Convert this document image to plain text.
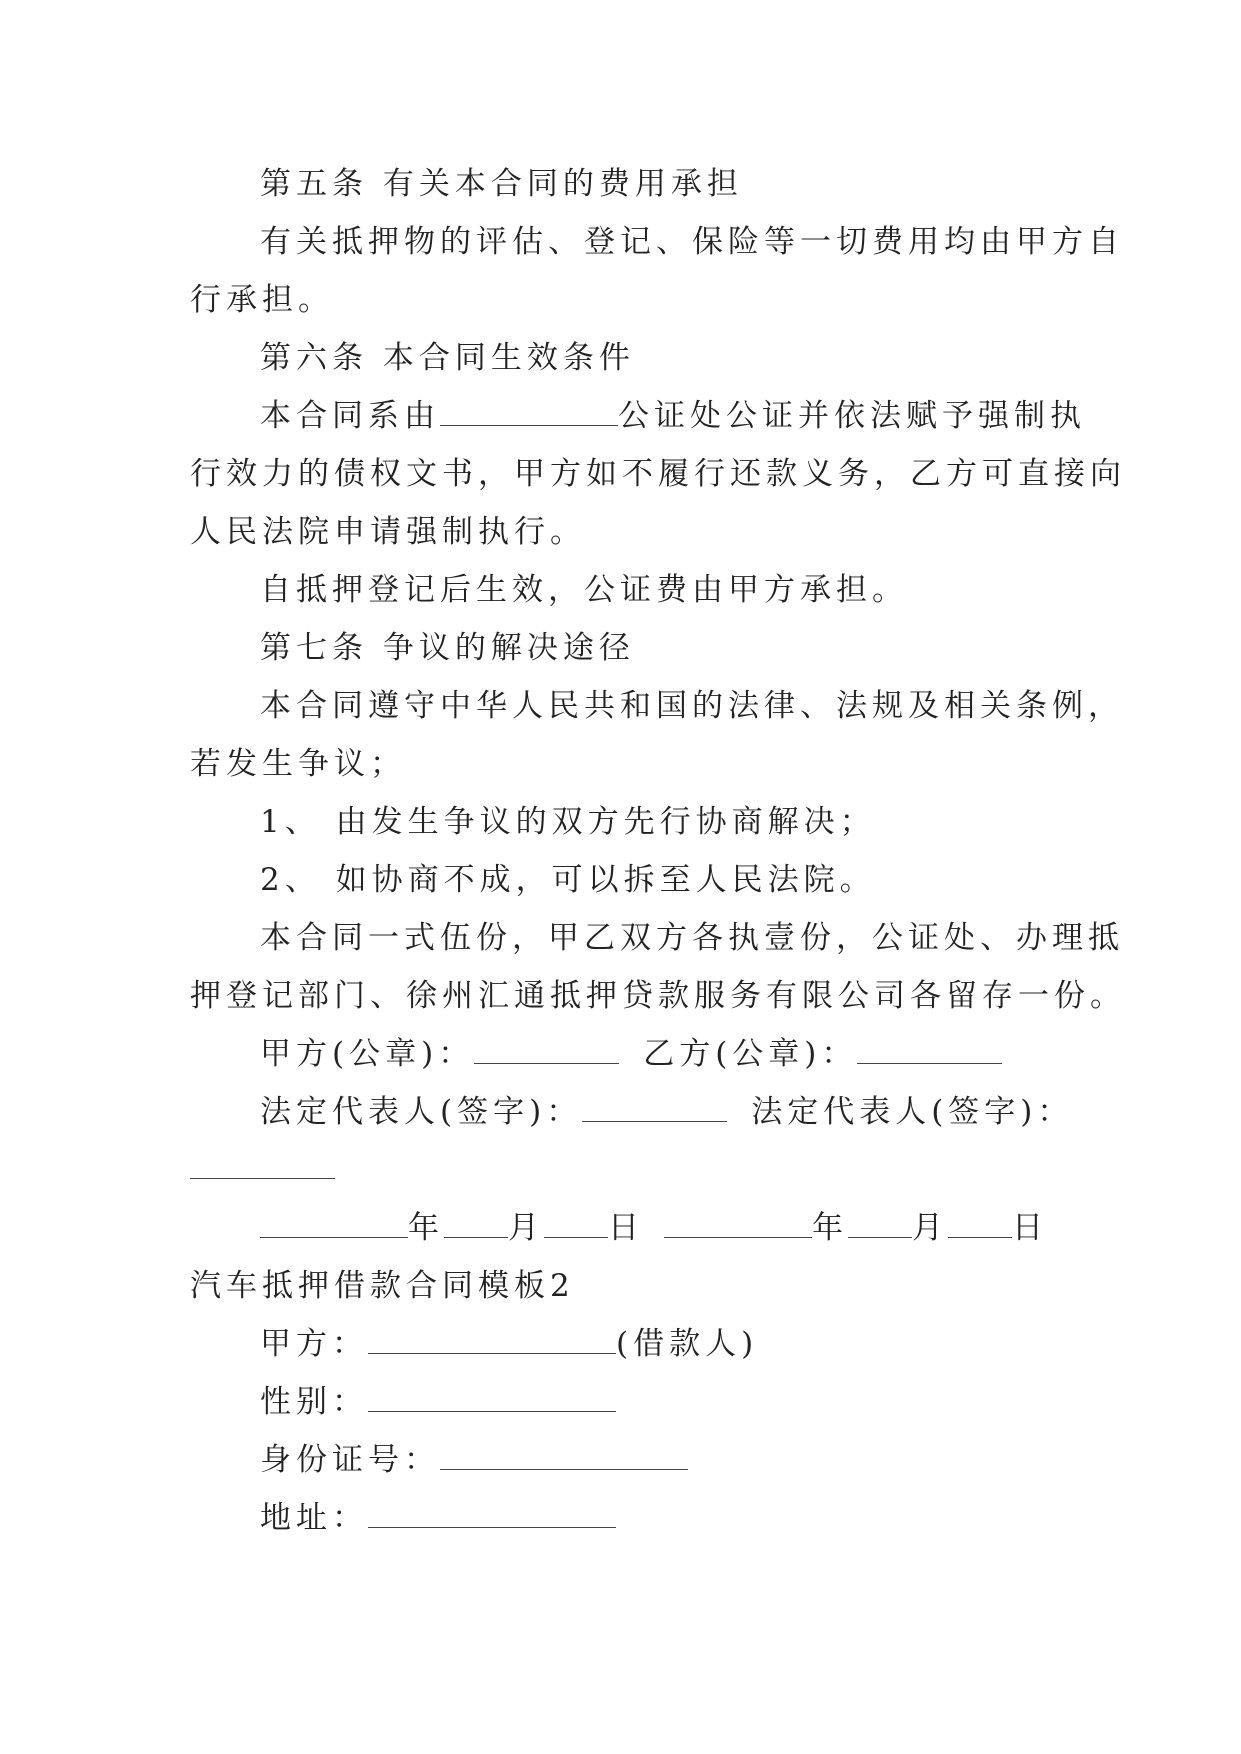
第五条 有关本合同的费用承担
有关抵押物的评估、登记、保险等一切费用均由甲方自
行承担。
第六条 本合同生效条件
本合同系由	公证处公证并依法赋予强制执
行效力的债权文书，甲方如不履行还款义务，乙方可直接向
人民法院申请强制执行。
自抵押登记后生效，公证费由甲方承担。
第七条 争议的解决途径
本合同遵守中华人民共和国的法律、法规及相关条例，
若发生争议；
1、 由发生争议的双方先行协商解决；
2、 如协商不成，可以拆至人民法院。
本合同一式伍份，甲乙双方各执壹份，公证处、办理抵
押登记部门、徐州汇通抵押贷款服务有限公司各留存一份。
甲方(公章)：	乙方(公章)：
法定代表人(签字)：	法定代表人(签字)：
年 月 日	年 月 日
汽车抵押借款合同模板2
甲方：	(借款人)
性别：
身份证号：
地址：
